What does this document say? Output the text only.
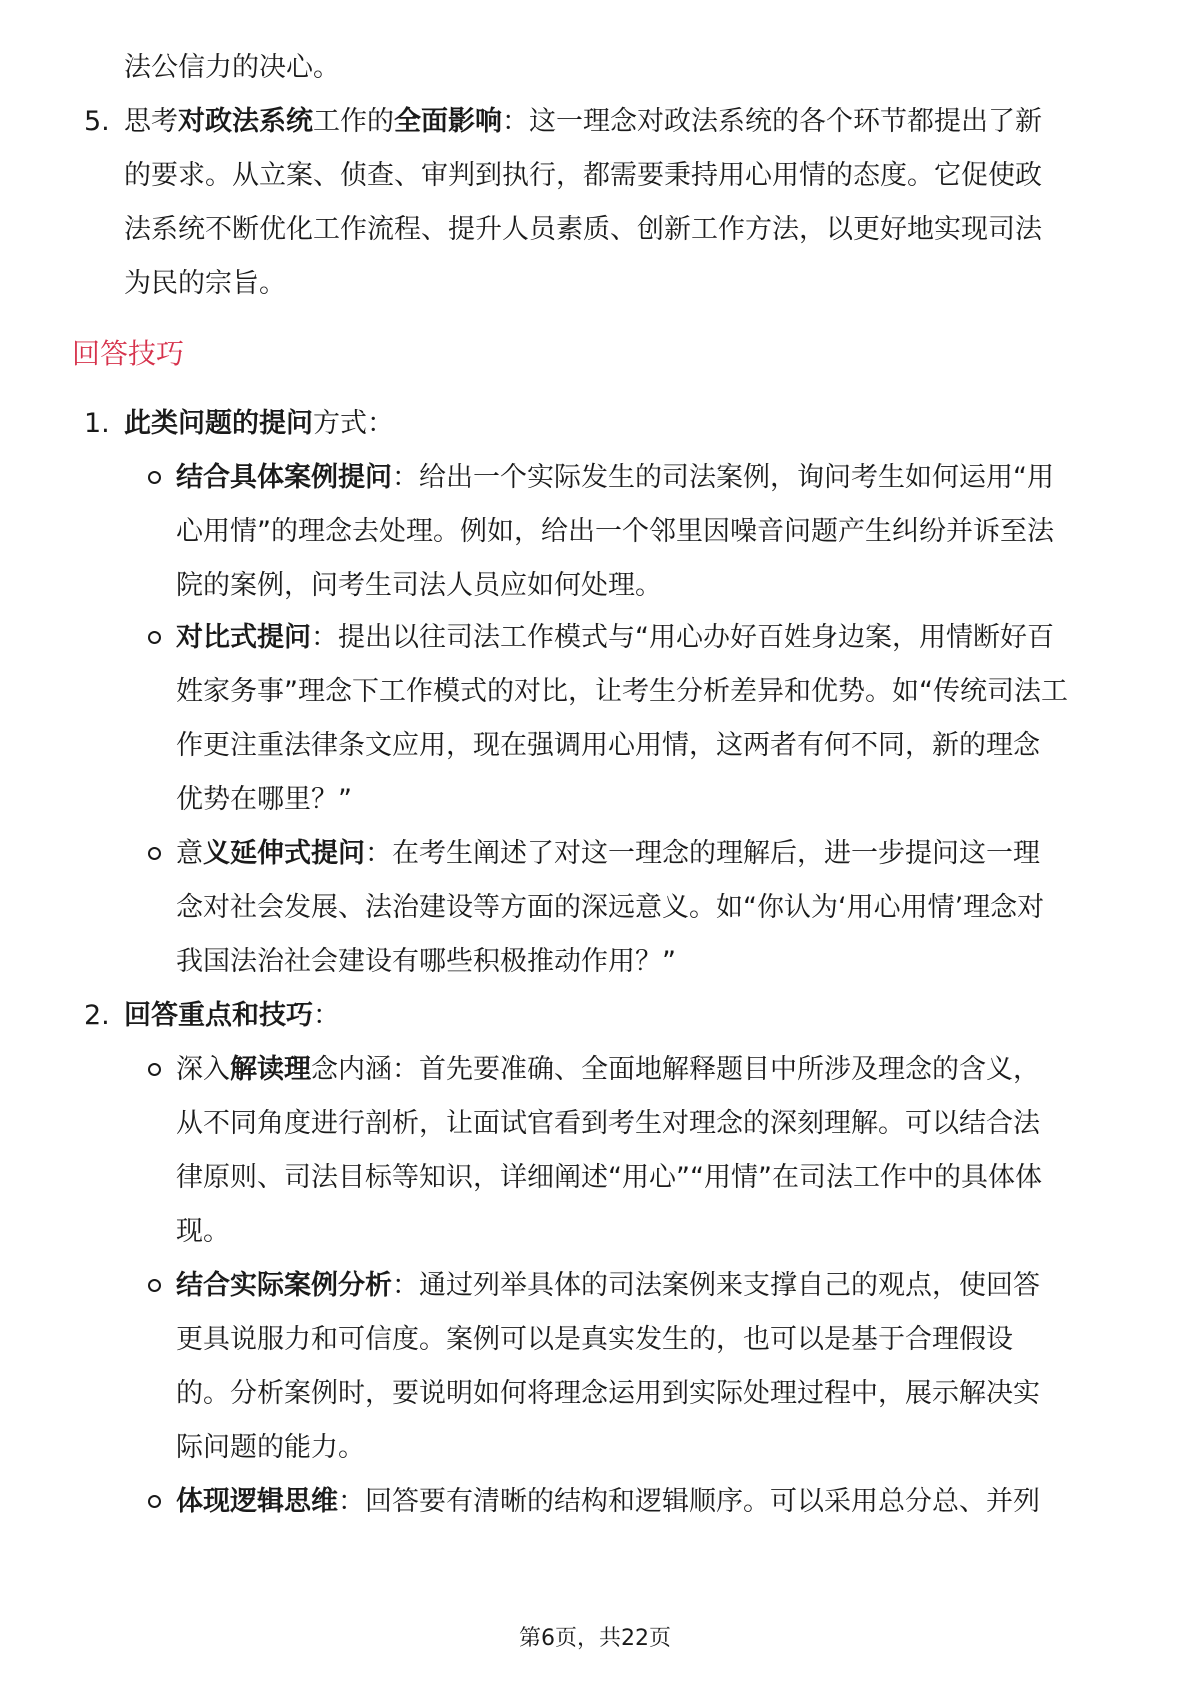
法公信力的决心。
5. 思考对政法系统工作的全面影响：这一理念对政法系统的各个环节都提出了新
的要求。从立案、侦查、审判到执行，都需要秉持用心用情的态度。它促使政
法系统不断优化工作流程、提升人员素质、创新工作方法，以更好地实现司法
为民的宗旨。
回答技巧
1. 此类问题的提问方式：
结合具体案例提问：给出一个实际发生的司法案例，询问考生如何运用“用
心用情”的理念去处理。例如，给出一个邻里因噪音问题产生纠纷并诉至法
院的案例，问考生司法人员应如何处理。
对比式提问：提出以往司法工作模式与“用心办好百姓身边案，用情断好百
姓家务事”理念下工作模式的对比，让考生分析差异和优势。如“传统司法工
作更注重法律条文应用，现在强调用心用情，这两者有何不同，新的理念
优势在哪里？”
意义延伸式提问：在考生阐述了对这一理念的理解后，进一步提问这一理
念对社会发展、法治建设等方面的深远意义。如“你认为‘用心用情’理念对
我国法治社会建设有哪些积极推动作用？”
2. 回答重点和技巧：
深入解读理念内涵：首先要准确、全面地解释题目中所涉及理念的含义，
从不同角度进行剖析，让面试官看到考生对理念的深刻理解。可以结合法
律原则、司法目标等知识，详细阐述“用心”“用情”在司法工作中的具体体
现。
结合实际案例分析：通过列举具体的司法案例来支撑自己的观点，使回答
更具说服力和可信度。案例可以是真实发生的，也可以是基于合理假设
的。分析案例时，要说明如何将理念运用到实际处理过程中，展示解决实
际问题的能力。
体现逻辑思维：回答要有清晰的结构和逻辑顺序。可以采用总分总、并列
第6页，共22页
